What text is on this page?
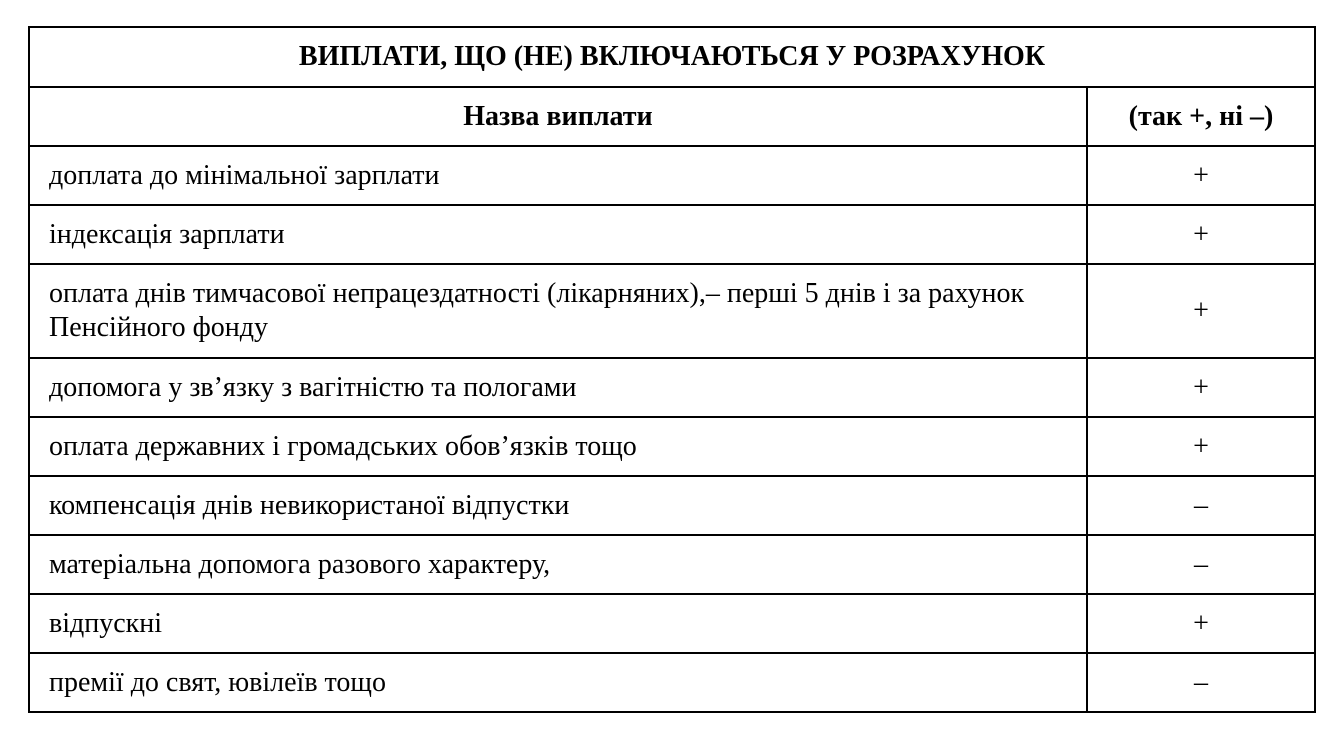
ВИПЛАТИ, ЩО (НЕ) ВКЛЮЧАЮТЬСЯ У РОЗРАХУНОК	
Назва виплати	(так +, ні –)
доплата до мінімальної зарплати	+
індексація зарплати	+
оплата днів тимчасової непрацездатності (лікарняних),– перші 5 днів і за рахунок Пенсійного фонду	+
допомога у зв’язку з вагітністю та пологами	+
оплата державних і громадських обов’язків тощо	+
компенсація днів невикористаної відпустки	–
матеріальна допомога разового характеру,	–
відпускні	+
премії до свят, ювілеїв тощо	–
